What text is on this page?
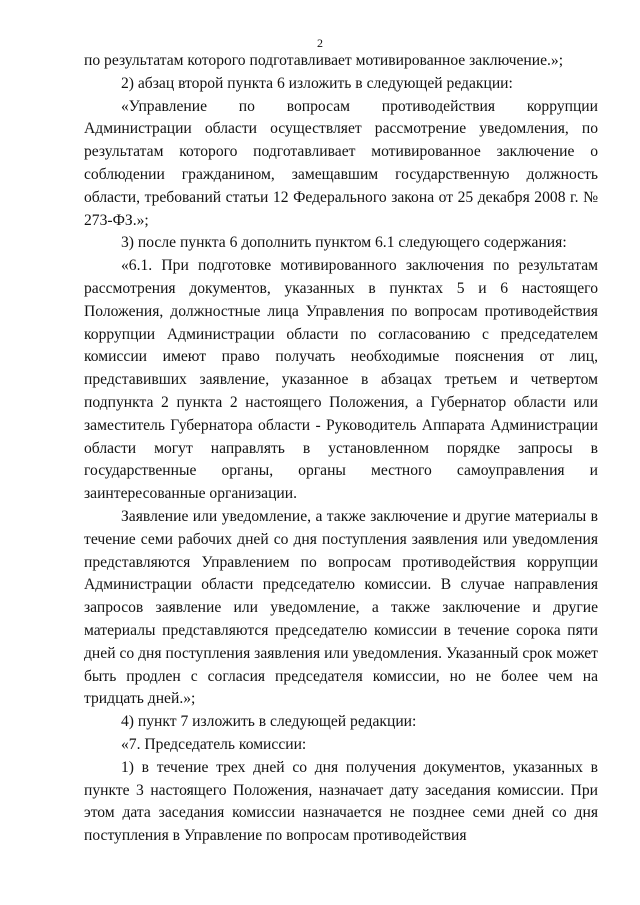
2

по результатам которого подготавливает мотивированное заключение.»;

2) абзац второй пункта 6 изложить в следующей редакции:

«Управление по вопросам противодействия коррупции Администрации области осуществляет рассмотрение уведомления, по результатам которого подготавливает мотивированное заключение о соблюдении гражданином, замещавшим государственную должность области, требований статьи 12 Федерального закона от 25 декабря 2008 г. № 273-ФЗ.»;

3) после пункта 6 дополнить пунктом 6.1 следующего содержания:

«6.1. При подготовке мотивированного заключения по результатам рассмотрения документов, указанных в пунктах 5 и 6 настоящего Положения, должностные лица Управления по вопросам противодействия коррупции Администрации области по согласованию с председателем комиссии имеют право получать необходимые пояснения от лиц, представивших заявление, указанное в абзацах третьем и четвертом подпункта 2 пункта 2 настоящего Положения, а Губернатор области или заместитель Губернатора области - Руководитель Аппарата Администрации области могут направлять в установленном порядке запросы в государственные органы, органы местного самоуправления и заинтересованные организации.

Заявление или уведомление, а также заключение и другие материалы в течение семи рабочих дней со дня поступления заявления или уведомления представляются Управлением по вопросам противодействия коррупции Администрации области председателю комиссии. В случае направления запросов заявление или уведомление, а также заключение и другие материалы представляются председателю комиссии в течение сорока пяти дней со дня поступления заявления или уведомления. Указанный срок может быть продлен с согласия председателя комиссии, но не более чем на тридцать дней.»;

4) пункт 7 изложить в следующей редакции:

«7. Председатель комиссии:

1) в течение трех дней со дня получения документов, указанных в пункте 3 настоящего Положения, назначает дату заседания комиссии. При этом дата заседания комиссии назначается не позднее семи дней со дня поступления в Управление по вопросам противодействия
